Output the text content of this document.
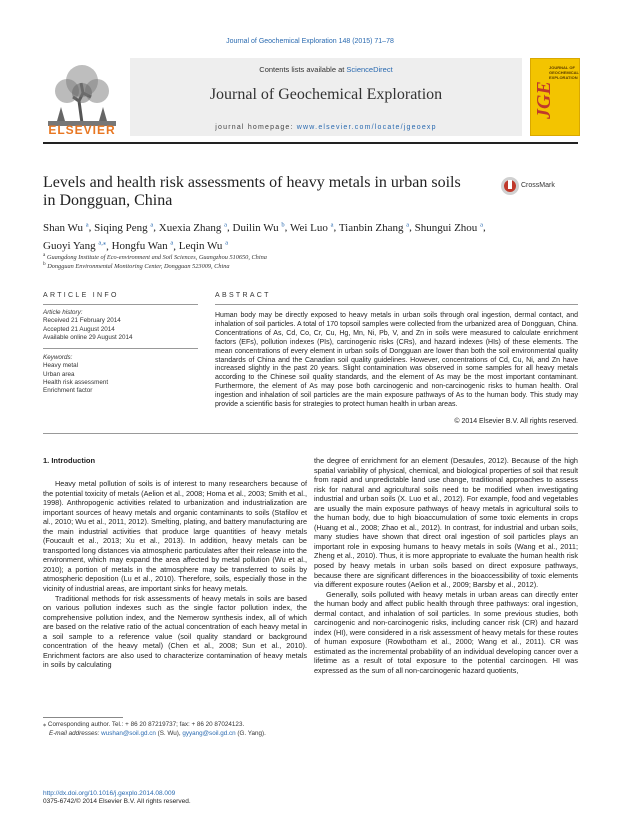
Journal of Geochemical Exploration 148 (2015) 71–78
ELSEVIER
Contents lists available at ScienceDirect
Journal of Geochemical Exploration
journal homepage: www.elsevier.com/locate/jgeoexp
JOURNAL OF GEOCHEMICAL EXPLORATION
JGE
Levels and health risk assessments of heavy metals in urban soils in Dongguan, China
CrossMark
Shan Wu $^a$, Siqing Peng $^a$, Xuexia Zhang $^a$, Duilin Wu $^b$, Wei Luo $^a$, Tianbin Zhang $^a$, Shungui Zhou $^a$,
Guoyi Yang $^{a,⁎}$, Hongfu Wan $^a$, Leqin Wu $^a$
$^a$ Guangdong Institute of Eco-environment and Soil Sciences, Guangzhou 510650, China
$^b$ Dongguan Environmental Monitoring Center, Dongguan 523009, China
ARTICLE INFO	ABSTRACT
Article history:
Received 21 February 2014
Accepted 21 August 2014
Available online 29 August 2014
Keywords:
Heavy metal
Urban area
Health risk assessment
Enrichment factor
Human body may be directly exposed to heavy metals in urban soils through oral ingestion, dermal contact, and inhalation of soil particles. A total of 170 topsoil samples were collected from the urbanized area of Dongguan, China. Concentrations of As, Cd, Co, Cr, Cu, Hg, Mn, Ni, Pb, V, and Zn in soils were measured to calculate enrichment factors (EFs), pollution indexes (PIs), carcinogenic risks (CRs), and hazard indexes (HIs) of these elements. The mean concentrations of every element in urban soils of Dongguan are lower than both the soil environmental quality standards of China and the Canadian soil quality guidelines. However, concentrations of Cd, Cu, Ni, and Zn have increased slightly in the past 20 years. Slight contamination was observed in some samples for all heavy metals according to the Chinese soil quality standards, and the element of As may be the most important contaminant. Furthermore, the element of As may pose both carcinogenic and non-carcinogenic risks to human health. Oral ingestion and inhalation of soil particles are the main exposure pathways of As to the human body. This study may provide a scientific basis for strategies to protect human health in urban areas.
© 2014 Elsevier B.V. All rights reserved.
1. Introduction

Heavy metal pollution of soils is of interest to many researchers because of the potential toxicity of metals (Aelion et al., 2008; Homa et al., 2003; Smith et al., 1998). Anthropogenic activities related to urbanization and industrialization are important sources of heavy metals and organic contaminants to soils (Stafilov et al., 2010; Wu et al., 2011, 2012). Smelting, plating, and battery manufacturing are the main industrial activities that produce large quantities of heavy metals (Foucault et al., 2013; Xu et al., 2013). In addition, heavy metals can be transported long distances via atmospheric particulates after their release into the environment, which may expand the area affected by metal pollution (Wu et al., 2010); a portion of metals in the atmosphere may be transferred to soils by atmospheric deposition (Lu et al., 2010). Therefore, soils, especially those in the vicinity of industrial areas, are important sinks for heavy metals.

Traditional methods for risk assessments of heavy metals in soils are based on various pollution indexes such as the single factor pollution index, the comprehensive pollution index, and the Nemerow synthesis index, all of which are based on the relative ratio of the actual concentration of each heavy metal in a soil sample to a reference value (soil quality standard or background concentration of the heavy metal) (Chen et al., 2008; Sun et al., 2010). Enrichment factors are also used to characterize contamination of heavy metals in soils by calculating

the degree of enrichment for an element (Desaules, 2012). Because of the high spatial variability of physical, chemical, and biological properties of soil that result from rapid and unpredictable land use change, traditional approaches to assess risk for natural and agricultural soils need to be modified when investigating industrial and urban soils (X. Luo et al., 2012). For example, food and vegetables are usually the main exposure pathways of heavy metals in agricultural soils to the human body, due to high bioaccumulation of some toxic elements in crops (Huang et al., 2008; Zhao et al., 2012). In contrast, for industrial and urban soils, many studies have shown that direct oral ingestion of soil particles plays an important role in exposing humans to heavy metals in soils (Wang et al., 2011; Zheng et al., 2010). Thus, it is more appropriate to evaluate the human health risk posed by heavy metals in urban soils based on direct exposure pathways, because there are significant differences in the bioaccessibility of toxic elements via different exposure routes (Aelion et al., 2009; Barsby et al., 2012).

Generally, soils polluted with heavy metals in urban areas can directly enter the human body and affect public health through three pathways: oral ingestion, dermal contact, and inhalation of soil particles. In some previous studies, both carcinogenic and non-carcinogenic risks, including cancer risk (CR) and hazard index (HI), were considered in a risk assessment of heavy metals for these routes of human exposure (Rowbotham et al., 2000; Wang et al., 2011). CR was estimated as the incremental probability of an individual developing cancer over a lifetime as a result of total exposure to the potential carcinogen. HI was expressed as the sum of all non-carcinogenic hazard quotients,

⁎ Corresponding author. Tel.: + 86 20 87219737; fax: + 86 20 87024123.
E-mail addresses: wushan@soil.gd.cn (S. Wu), gyyang@soil.gd.cn (G. Yang).
http://dx.doi.org/10.1016/j.gexplo.2014.08.009
0375-6742/© 2014 Elsevier B.V. All rights reserved.
